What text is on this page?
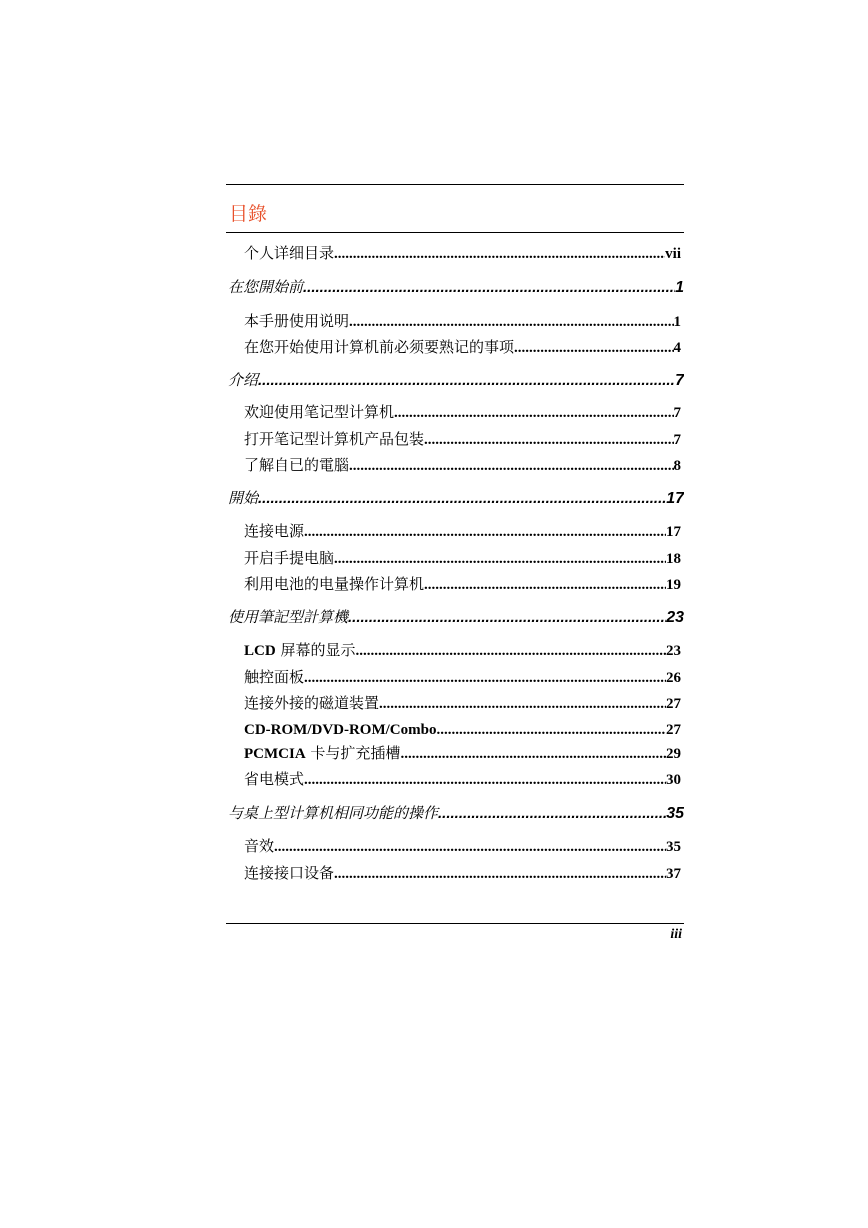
目錄
个人详细目录 .....	vii
在您開始前 .....	1
本手册使用说明 .....	1
在您开始使用计算机前必须要熟记的事项 .....	4
介绍 .....	7
欢迎使用笔记型计算机 .....	7
打开笔记型计算机产品包装 .....	7
了解自已的電腦 .....	8
開始 .....	17
连接电源 .....	17
开启手提电脑 .....	18
利用电池的电量操作计算机 .....	19
使用筆記型計算機 .....	23
LCD 屏幕的显示 .....	23
触控面板 .....	26
连接外接的磁道装置 .....	27
CD-ROM/DVD-ROM/Combo .....	27
PCMCIA 卡与扩充插槽 .....	29
省电模式 .....	30
与桌上型计算机相同功能的操作 .....	35
音效 .....	35
连接接口设备 .....	37
iii
